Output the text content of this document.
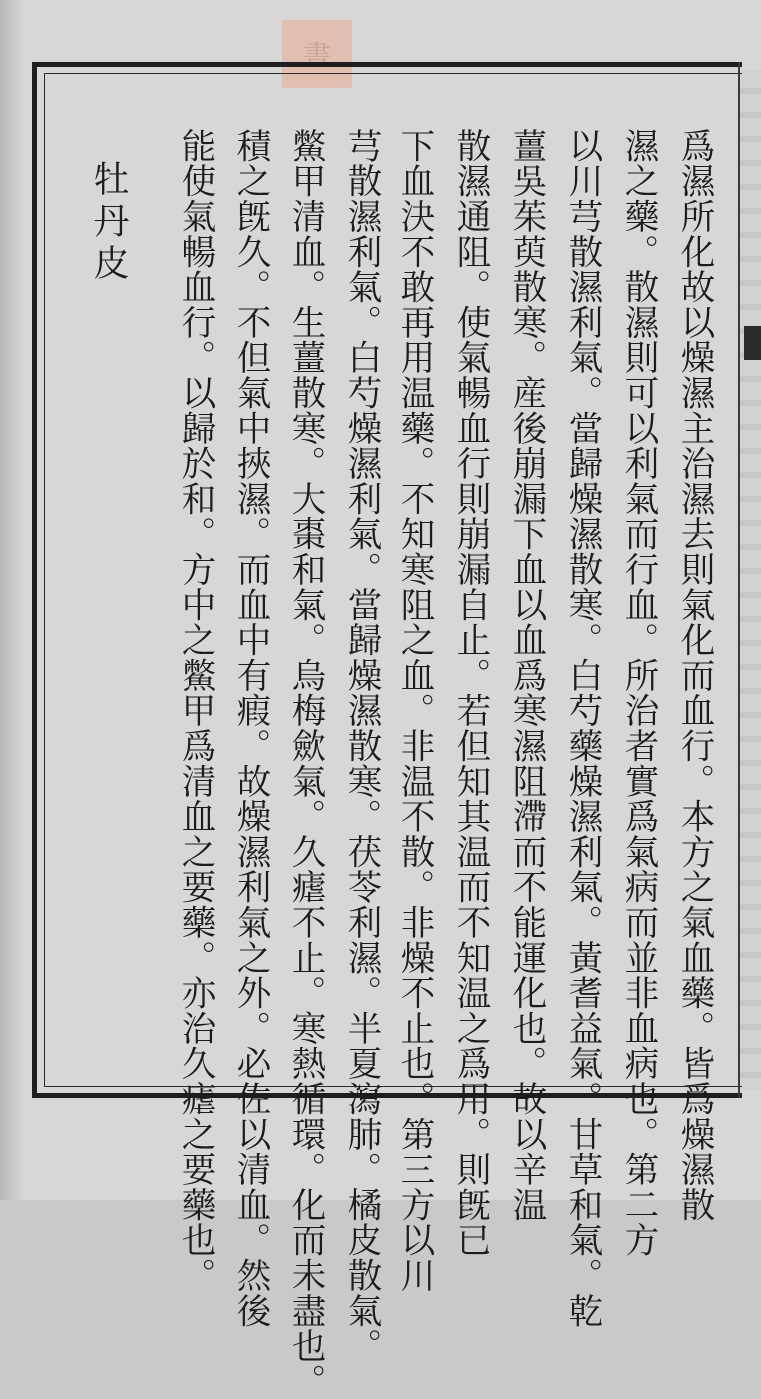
書
爲濕所化故以燥濕主治濕去則氣化而血行。本方之氣血藥。皆爲燥濕散
濕之藥。散濕則可以利氣而行血。所治者實爲氣病而並非血病也。第二方
以川芎散濕利氣。當歸燥濕散寒。白芍藥燥濕利氣。黃耆益氣。甘草和氣。乾
薑吳茱萸散寒。産後崩漏下血以血爲寒濕阻滯而不能運化也。故以辛温
散濕通阻。使氣暢血行則崩漏自止。若但知其温而不知温之爲用。則旣已
下血決不敢再用温藥。不知寒阻之血。非温不散。非燥不止也。第三方以川
芎散濕利氣。白芍燥濕利氣。當歸燥濕散寒。茯苓利濕。半夏瀉肺。橘皮散氣。
鱉甲清血。生薑散寒。大棗和氣。烏梅歛氣。久瘧不止。寒熱循環。化而未盡也。
積之旣久。不但氣中挾濕。而血中有瘕。故燥濕利氣之外。必佐以清血。然後
能使氣暢血行。以歸於和。方中之鱉甲爲清血之要藥。亦治久瘧之要藥也。
牡丹皮
